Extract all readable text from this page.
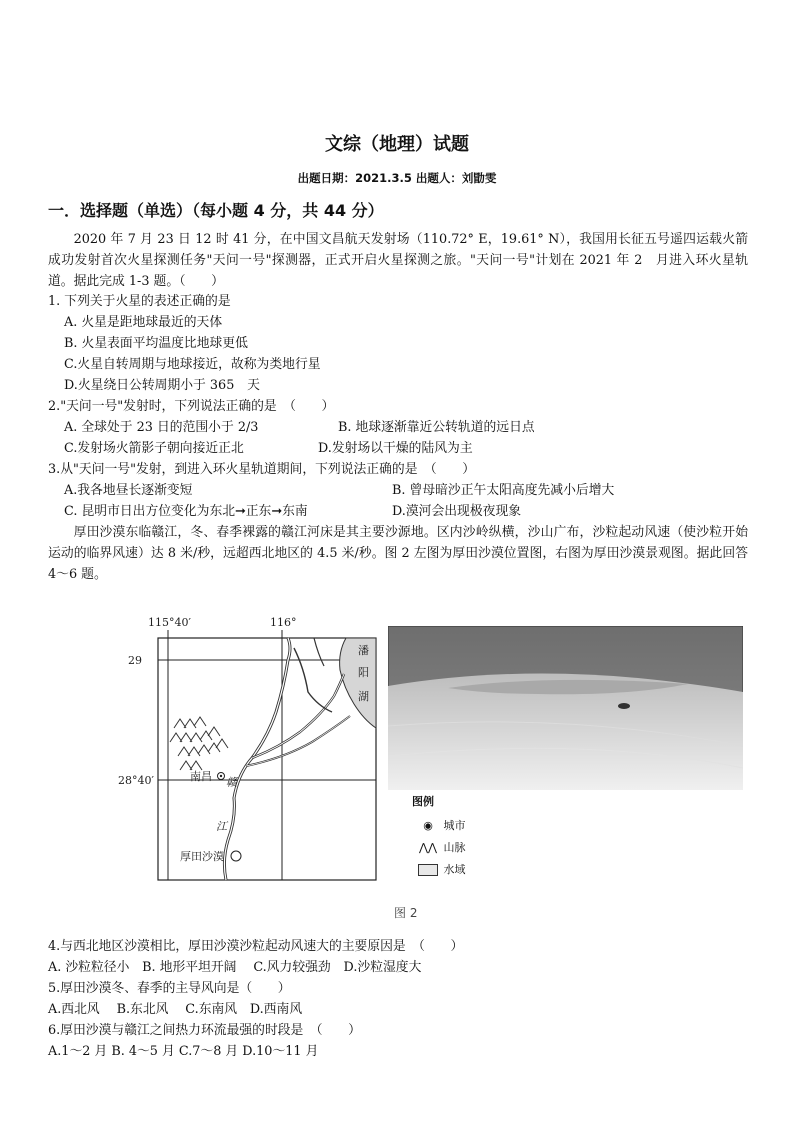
文综（地理）试题
出题日期：2021.3.5 出题人：刘勖雯
一．选择题（单选）（每小题 4 分，共 44 分）
2020 年 7 月 23 日 12 时 41 分，在中国文昌航天发射场（110.72° E，19.61° N），我国用长征五号遥四运载火箭成功发射首次火星探测任务"天问一号"探测器，正式开启火星探测之旅。"天问一号"计划在 2021 年 2　月进入环火星轨道。据此完成 1-3 题。（　　）
1. 下列关于火星的表述正确的是
A. 火星是距地球最近的天体
B. 火星表面平均温度比地球更低
C.火星自转周期与地球接近，故称为类地行星
D.火星绕日公转周期小于 365　天
2."天问一号"发射时，下列说法正确的是　（　　）
A. 全球处于 23 日的范围小于 2/3	B. 地球逐渐靠近公转轨道的远日点
C.发射场火箭影子朝向接近正北	D.发射场以干燥的陆风为主
3.从"天问一号"发射，到进入环火星轨道期间，下列说法正确的是　（　　）
A.我各地昼长逐渐变短	B. 曾母暗沙正午太阳高度先减小后增大
C. 昆明市日出方位变化为东北➞正东➞东南	D.漠河会出现极夜现象
厚田沙漠东临赣江，冬、春季裸露的赣江河床是其主要沙源地。区内沙岭纵横，沙山广布，沙粒起动风速（使沙粒开始运动的临界风速）达 8 米/秒，远超西北地区的 4.5 米/秒。图 2 左图为厚田沙漠位置图，右图为厚田沙漠景观图。据此回答 4～6 题。
南昌
厚田沙漠
赣
江
潘
阳
湖
115°40′	116°
29
28°40′
图例
◉ 城市
⋀⋀ 山脉
水域
图 2
4.与西北地区沙漠相比，厚田沙漠沙粒起动风速大的主要原因是　（　　）
A. 沙粒粒径小　B. 地形平坦开阔　 C.风力较强劲　D.沙粒湿度大
5.厚田沙漠冬、春季的主导风向是（　　）
A.西北风　 B.东北风　 C.东南风　D.西南风
6.厚田沙漠与赣江之间热力环流最强的时段是　（　　）
A.1～2 月 B. 4～5 月 C.7～8 月 D.10～11 月
